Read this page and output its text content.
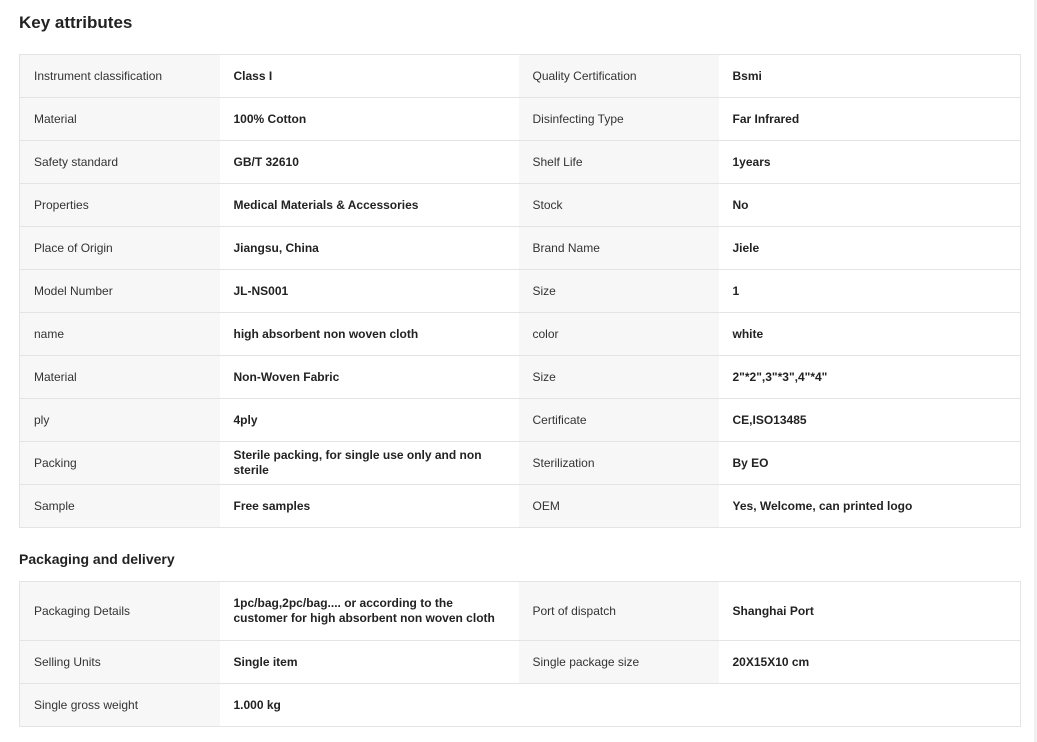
Key attributes
Instrument classification	Class I	Quality Certification	Bsmi
Material	100% Cotton	Disinfecting Type	Far Infrared
Safety standard	GB/T 32610	Shelf Life	1years
Properties	Medical Materials & Accessories	Stock	No
Place of Origin	Jiangsu, China	Brand Name	Jiele
Model Number	JL-NS001	Size	1
name	high absorbent non woven cloth	color	white
Material	Non-Woven Fabric	Size	2"*2",3"*3",4"*4"
ply	4ply	Certificate	CE,ISO13485
Packing	Sterile packing, for single use only and non sterile	Sterilization	By EO
Sample	Free samples	OEM	Yes, Welcome, can printed logo
Packaging and delivery
Packaging Details	1pc/bag,2pc/bag.... or according to the customer for high absorbent non woven cloth	Port of dispatch	Shanghai Port
Selling Units	Single item	Single package size	20X15X10 cm
Single gross weight	1.000 kg		
